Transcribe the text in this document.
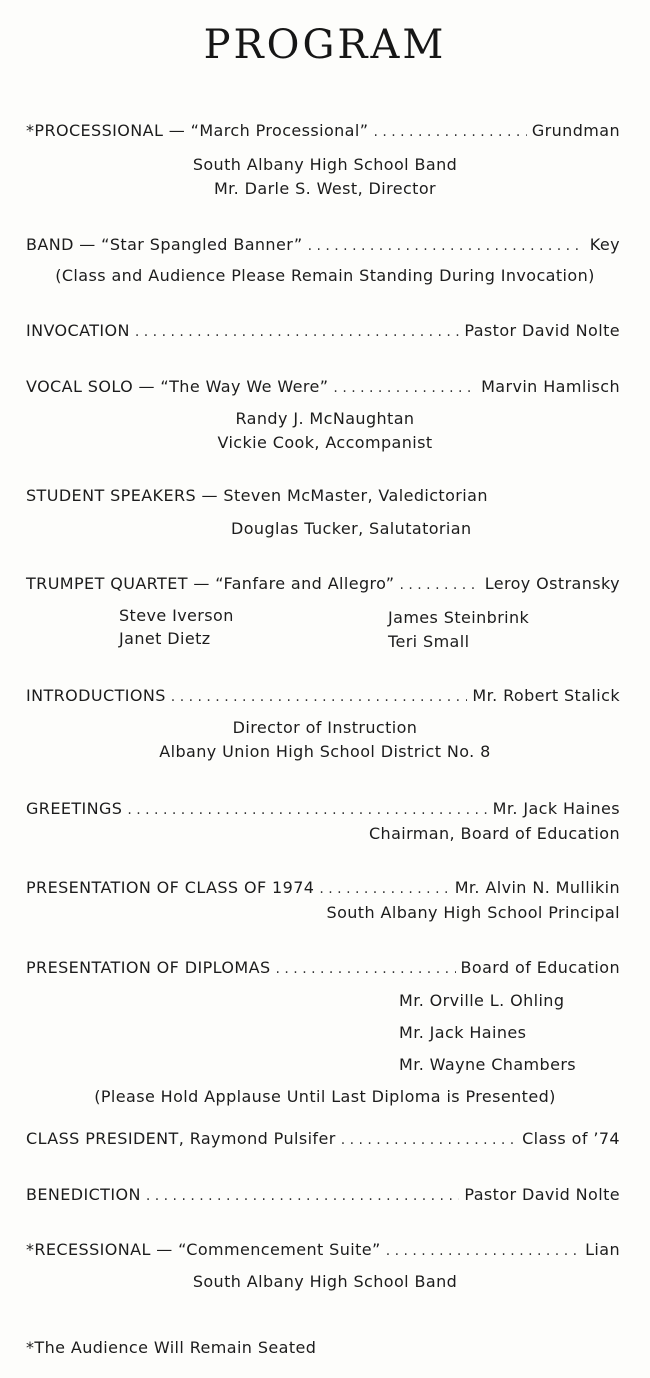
PROGRAM
*PROCESSIONAL — “March Processional” . . .	Grundman
South Albany High School Band
Mr. Darle S. West, Director
BAND — “Star Spangled Banner” . . .	Key
(Class and Audience Please Remain Standing During Invocation)
INVOCATION . . .	Pastor David Nolte
VOCAL SOLO — “The Way We Were” . . .	Marvin Hamlisch
Randy J. McNaughtan
Vickie Cook, Accompanist
STUDENT SPEAKERS — Steven McMaster, Valedictorian
Douglas Tucker, Salutatorian
TRUMPET QUARTET — “Fanfare and Allegro” . . .	Leroy Ostransky
Steve Iverson	James Steinbrink
Janet Dietz	Teri Small
INTRODUCTIONS . . .	Mr. Robert Stalick
Director of Instruction
Albany Union High School District No. 8
GREETINGS . . .	Mr. Jack Haines
Chairman, Board of Education
PRESENTATION OF CLASS OF 1974 . . .	Mr. Alvin N. Mullikin
South Albany High School Principal
PRESENTATION OF DIPLOMAS . . .	Board of Education
Mr. Orville L. Ohling
Mr. Jack Haines
Mr. Wayne Chambers
(Please Hold Applause Until Last Diploma is Presented)
CLASS PRESIDENT, Raymond Pulsifer . . .	Class of ’74
BENEDICTION . . .	Pastor David Nolte
*RECESSIONAL — “Commencement Suite” . . .	Lian
South Albany High School Band
*The Audience Will Remain Seated
